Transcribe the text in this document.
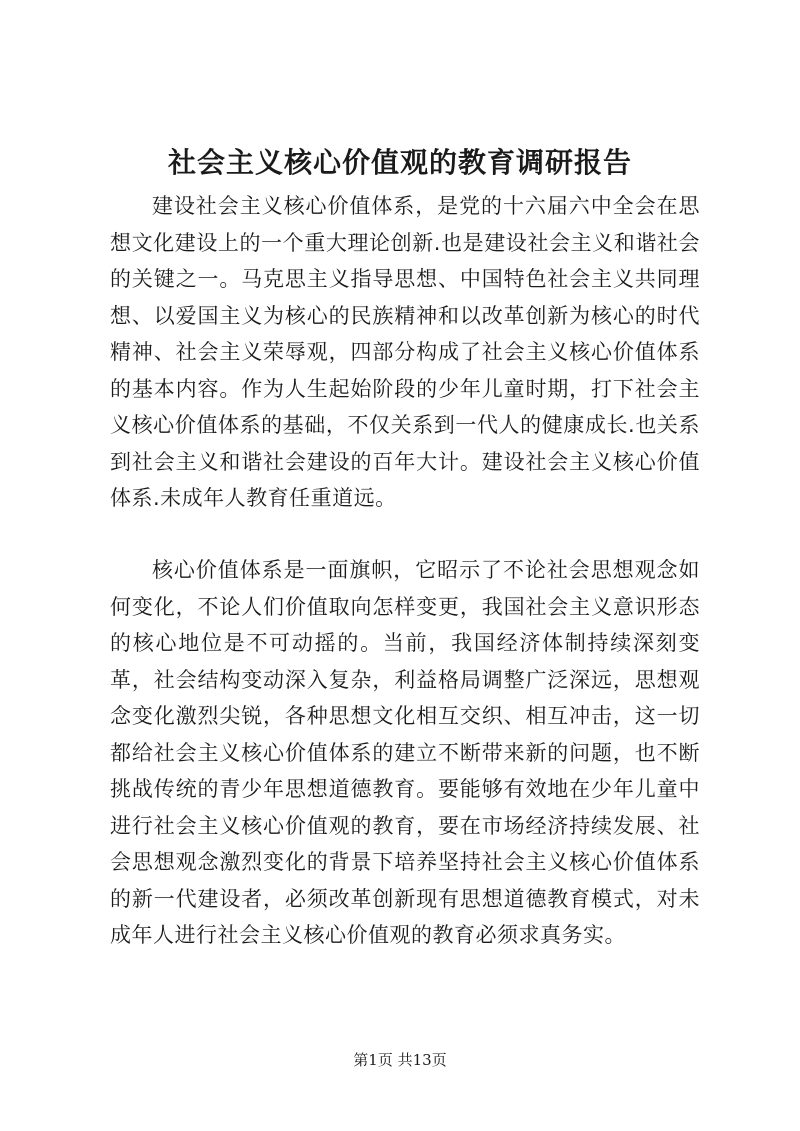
社会主义核心价值观的教育调研报告

建设社会主义核心价值体系，是党的十六届六中全会在思想文化建设上的一个重大理论创新.也是建设社会主义和谐社会的关键之一。马克思主义指导思想、中国特色社会主义共同理想、以爱国主义为核心的民族精神和以改革创新为核心的时代精神、社会主义荣辱观，四部分构成了社会主义核心价值体系的基本内容。作为人生起始阶段的少年儿童时期，打下社会主义核心价值体系的基础，不仅关系到一代人的健康成长.也关系到社会主义和谐社会建设的百年大计。建设社会主义核心价值体系.未成年人教育任重道远。

核心价值体系是一面旗帜，它昭示了不论社会思想观念如何变化，不论人们价值取向怎样变更，我国社会主义意识形态的核心地位是不可动摇的。当前，我国经济体制持续深刻变革，社会结构变动深入复杂，利益格局调整广泛深远，思想观念变化激烈尖锐，各种思想文化相互交织、相互冲击，这一切都给社会主义核心价值体系的建立不断带来新的问题，也不断挑战传统的青少年思想道德教育。要能够有效地在少年儿童中进行社会主义核心价值观的教育，要在市场经济持续发展、社会思想观念激烈变化的背景下培养坚持社会主义核心价值体系的新一代建设者，必须改革创新现有思想道德教育模式，对未成年人进行社会主义核心价值观的教育必须求真务实。

第1页 共13页
